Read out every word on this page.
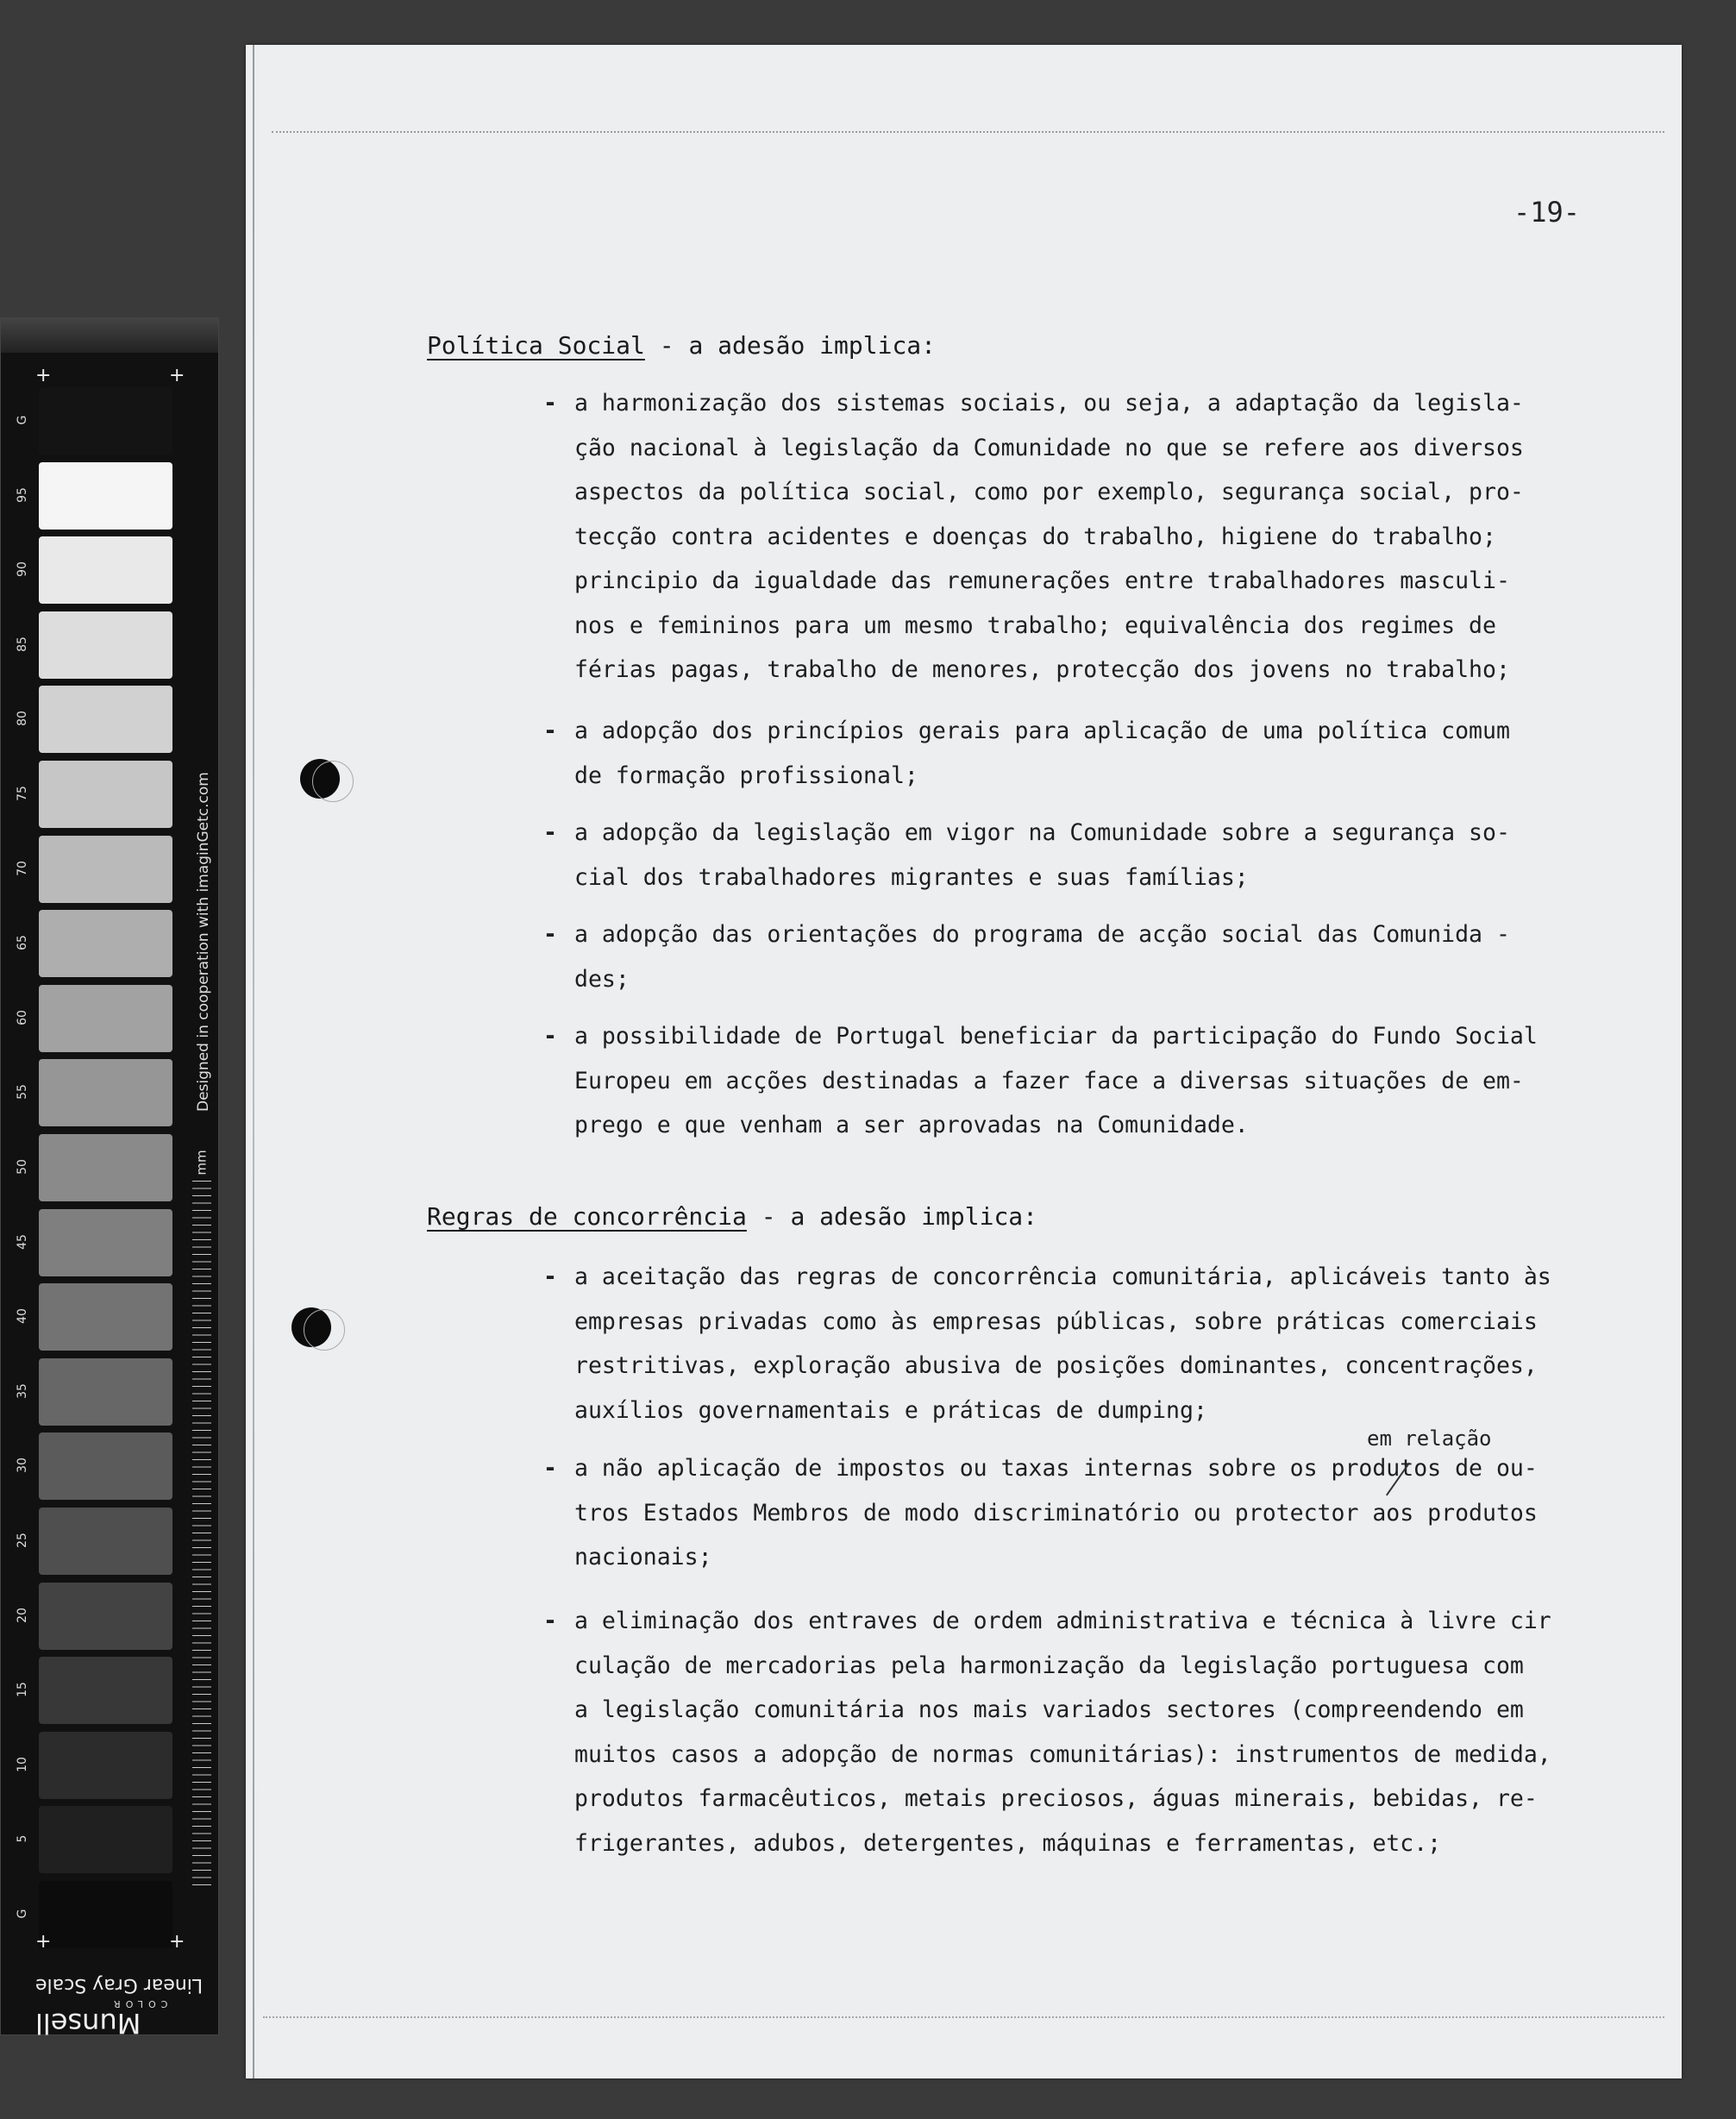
+	+
G
95
90
85
80
75
70
65
60
55
50
45
40
35
30
25
20
15
10
5
G
mm
Designed in cooperation with imaginGetc.com
+	+
Linear Gray Scale
Munsell
COLOR
-19-
Política Social - a adesão implica:
- a harmonização dos sistemas sociais, ou seja, a adaptação da legisla-
ção nacional à legislação da Comunidade no que se refere aos diversos
aspectos da política social, como por exemplo, segurança social, pro-
tecção contra acidentes e doenças do trabalho, higiene do trabalho;
principio da igualdade das remunerações entre trabalhadores masculi-
nos e femininos para um mesmo trabalho; equivalência dos regimes de
férias pagas, trabalho de menores, protecção dos jovens no trabalho;
- a adopção dos princípios gerais para aplicação de uma política comum
de formação profissional;
- a adopção da legislação em vigor na Comunidade sobre a segurança so-
cial dos trabalhadores migrantes e suas famílias;
- a adopção das orientações do programa de acção social das Comunida -
des;
- a possibilidade de Portugal beneficiar da participação do Fundo Social
Europeu em acções destinadas a fazer face a diversas situações de em-
prego e que venham a ser aprovadas na Comunidade.
Regras de concorrência - a adesão implica:
- a aceitação das regras de concorrência comunitária, aplicáveis tanto às
empresas privadas como às empresas públicas, sobre práticas comerciais
restritivas, exploração abusiva de posições dominantes, concentrações,
auxílios governamentais e práticas de dumping;
- a não aplicação de impostos ou taxas internas sobre os produtos de ou-
tros Estados Membros de modo discriminatório ou protector aos produtos
nacionais;
em relação
- a eliminação dos entraves de ordem administrativa e técnica à livre cir
culação de mercadorias pela harmonização da legislação portuguesa com
a legislação comunitária nos mais variados sectores (compreendendo em
muitos casos a adopção de normas comunitárias): instrumentos de medida,
produtos farmacêuticos, metais preciosos, águas minerais, bebidas, re-
frigerantes, adubos, detergentes, máquinas e ferramentas, etc.;
